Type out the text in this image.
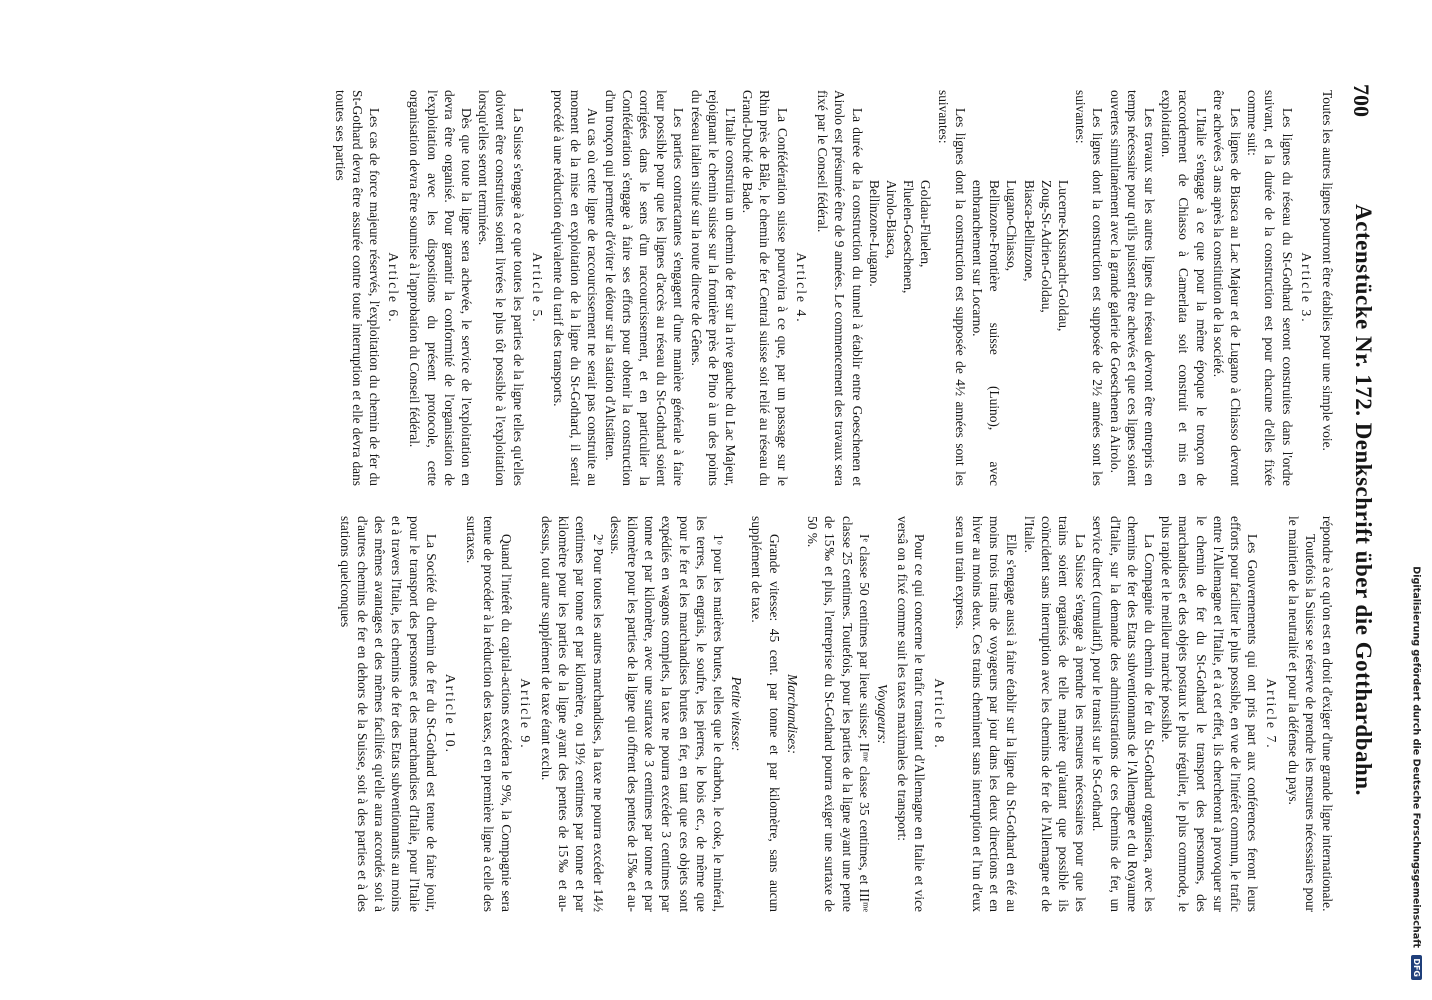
700
Actenstücke Nr. 172. Denkschrift über die Gotthardbahn.

Toutes les autres lignes pourront être établies pour une simple voie.

Article 3.

Les lignes du réseau du St-Gothard seront construites dans l'ordre suivant, et la durée de la construction est pour chacune d'elles fixée comme suit:

Les lignes de Biasca au Lac Majeur et de Lugano à Chiasso devront être achevées 3 ans après la constitution de la société.

L'Italie s'engage à ce que pour la même époque le tronçon de raccordement de Chiasso à Camerlata soit construit et mis en exploitation.

Les travaux sur les autres lignes du réseau devront être entrepris en temps nécessaire pour qu'ils puissent être achevés et que ces lignes soient ouvertes simultanément avec la grande galerie de Goeschenen à Airolo.

Les lignes dont la construction est supposée de 2½ années sont les suivantes:

Lucerne-Kussnacht-Goldau,
Zoug-St-Adrien-Goldau,
Biasca-Bellinzone,
Lugano-Chiasso,
Bellinzone-Frontière suisse (Luino), avec embranchement sur Locarno.

Les lignes dont la construction est supposée de 4½ années sont les suivantes:

Goldau-Fluelen,
Fluelen-Goeschenen,
Airolo-Biasca,
Bellinzone-Lugano.

La durée de la construction du tunnel à établir entre Goeschenen et Airolo est présumée être de 9 années. Le commencement des travaux sera fixé par le Conseil fédéral.

Article 4.

La Confédération suisse pourvoira à ce que, par un passage sur le Rhin près de Bâle, le chemin de fer Central suisse soit relié au réseau du Grand-Duché de Bade.

L'Italie construira un chemin de fer sur la rive gauche du Lac Majeur, rejoignant le chemin suisse sur la frontière près de Pino à un des points du réseau italien situé sur la route directe de Gênes.

Les parties contractantes s'engagent d'une manière générale à faire leur possible pour que les lignes d'accès au réseau du St-Gothard soient corrigées dans le sens d'un raccourcissement, et en particulier la Confédération s'engage à faire ses efforts pour obtenir la construction d'un tronçon qui permette d'éviter le détour sur la station d'Altstätten.

Au cas où cette ligne de raccourcissement ne serait pas construite au moment de la mise en exploitation de la ligne du St-Gothard, il serait procédé à une réduction équivalente du tarif des transports.

Article 5.

La Suisse s'engage à ce que toutes les parties de la ligne telles qu'elles doivent être construites soient livrées le plus tôt possible à l'exploitation lorsqu'elles seront terminées.

Dès que toute la ligne sera achevée, le service de l'exploitation en devra être organisé. Pour garantir la conformité de l'organisation de l'exploitation avec les dispositions du présent protocole, cette organisation devra être soumise à l'approbation du Conseil fédéral.

Article 6.

Les cas de force majeure réservés, l'exploitation du chemin de fer du St-Gothard devra être assurée contre toute interruption et elle devra dans toutes ses parties

répondre à ce qu'on est en droit d'exiger d'une grande ligne internationale.

Toutefois la Suisse se réserve de prendre les mesures nécessaires pour le maintien de la neutralité et pour la défense du pays.

Article 7.

Les Gouvernements qui ont pris part aux conférences feront leurs efforts pour faciliter le plus possible, en vue de l'intérêt commun, le trafic entre l'Allemagne et l'Italie, et à cet effet, ils chercheront à provoquer sur le chemin de fer du St-Gothard le transport des personnes, des marchandises et des objets postaux le plus régulier, le plus commode, le plus rapide et le meilleur marché possible.

La Compagnie du chemin de fer du St-Gothard organisera, avec les chemins de fer des Etats subventionnants de l'Allemagne et du Royaume d'Italie, sur la demande des administrations de ces chemins de fer, un service direct (cumulatif), pour le transit sur le St-Gothard.

La Suisse s'engage à prendre les mesures nécessaires pour que les trains soient organisés de telle manière qu'autant que possible ils coïncident sans interruption avec les chemins de fer de l'Allemagne et de l'Italie.

Elle s'engage aussi à faire établir sur la ligne du St-Gothard en été au moins trois trains de voyageurs par jour dans les deux directions et en hiver au moins deux. Ces trains cheminent sans interruption et l'un d'eux sera un train express.

Article 8.

Pour ce qui concerne le trafic transitant d'Allemagne en Italie et vice versâ on a fixé comme suit les taxes maximales de transport:

Voyageurs:

Iᵉ classe 50 centimes par lieue suisse; IIᵐᵉ classe 35 centimes, et IIIᵐᵉ classe 25 centimes. Toutefois, pour les parties de la ligne ayant une pente de 15‰ et plus, l'entreprise du St-Gothard pourra exiger une surtaxe de 50 %.

Marchandises:

Grande vitesse: 45 cent. par tonne et par kilomètre, sans aucun supplément de taxe.

Petite vitesse:

1ᵒ pour les matières brutes, telles que le charbon, le coke, le minéral, les terres, les engrais, le soufre, les pierres, le bois etc., de même que pour le fer et les marchandises brutes en fer, en tant que ces objets sont expédiés en wagons complets, la taxe ne pourra excéder 3 centimes par tonne et par kilomètre, avec une surtaxe de 3 centimes par tonne et par kilomètre pour les parties de la ligne qui offrent des pentes de 15‰ et au-dessus.

2ᵒ Pour toutes les autres marchandises, la taxe ne pourra excéder 14½ centimes par tonne et par kilomètre, ou 19½ centimes par tonne et par kilomètre pour les parties de la ligne ayant des pentes de 15‰ et au-dessus, tout autre supplément de taxe étant exclu.

Article 9.

Quand l'intérêt du capital-actions excédera le 9%, la Compagnie sera tenue de procéder à la réduction des taxes, et en première ligne à celle des surtaxes.

Article 10.

La Société du chemin de fer du St-Gothard est tenue de faire jouir, pour le transport des personnes et des marchandises d'Italie, pour l'Italie et à travers l'Italie, les chemins de fer des Etats subventionnants au moins des mêmes avantages et des mêmes facilités qu'elle aura accordés soit à d'autres chemins de fer en dehors de la Suisse, soit à des parties et à des stations quelconques	Digitalisierung gefördert durch die Deutsche Forschungsgemeinschaft DFG
